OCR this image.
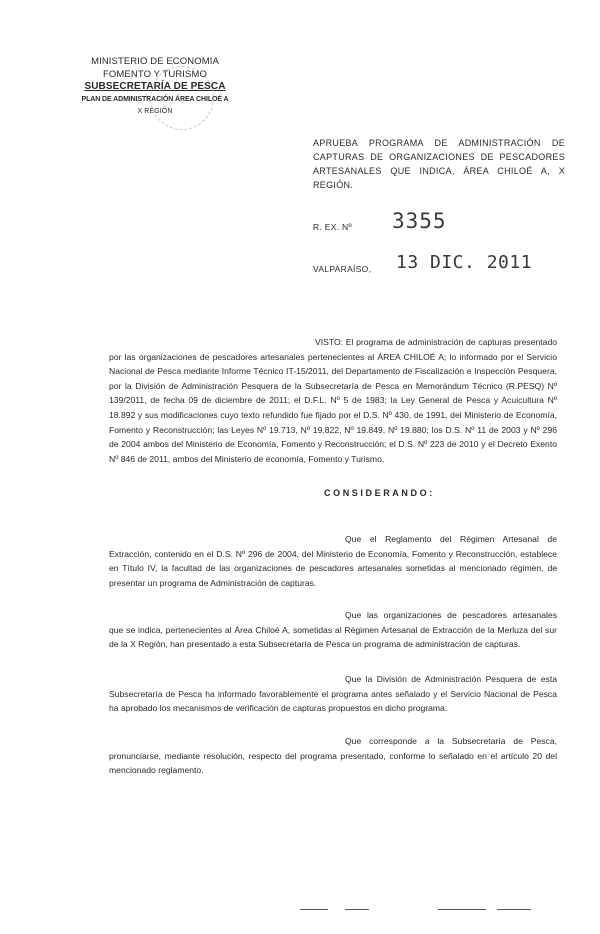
MINISTERIO DE ECONOMIA
FOMENTO Y TURISMO
SUBSECRETARÍA DE PESCA
PLAN DE ADMINISTRACIÓN ÁREA CHILOÉ A
X REGIÓN
APRUEBA PROGRAMA DE ADMINISTRACIÓN DE
CAPTURAS DE ORGANIZACIONES DE PESCADORES
ARTESANALES QUE INDICA, ÁREA CHILOÉ A, X REGIÓN.
R. EX. Nº 3355
VALPARAÍSO, 13 DIC. 2011
VISTO: El programa de administración de capturas presentado por las organizaciones de pescadores artesanales pertenecientes al ÁREA CHILOÉ A; lo informado por el Servicio Nacional de Pesca mediante Informe Técnico IT-15/2011, del Departamento de Fiscalización e Inspección Pesquera, por la División de Administración Pesquera de la Subsecretaría de Pesca en Memorándum Técnico (R.PESQ) Nº 139/2011, de fecha 09 de diciembre de 2011; el D.F.L. Nº 5 de 1983; la Ley General de Pesca y Acuicultura Nº 18.892 y sus modificaciones cuyo texto refundido fue fijado por el D.S. Nº 430, de 1991, del Ministerio de Economía, Fomento y Reconstrucción; las Leyes Nº 19.713, Nº 19.822, Nº 19.849, Nº 19.880; los D.S. Nº 11 de 2003 y Nº 296 de 2004 ambos del Ministerio de Economía, Fomento y Reconstrucción; el D.S. Nº 223 de 2010 y el Decreto Exento Nº 846 de 2011, ambos del Ministerio de economía, Fomento y Turismo.
CONSIDERANDO:
Que el Reglamento del Régimen Artesanal de Extracción, contenido en el D.S. Nº 296 de 2004, del Ministerio de Economía, Fomento y Reconstrucción, establece en Título IV, la facultad de las organizaciones de pescadores artesanales sometidas al mencionado régimen, de presentar un programa de Administración de capturas.
Que las organizaciones de pescadores artesanales que se indica, pertenecientes al Área Chiloé A, sometidas al Régimen Artesanal de Extracción de la Merluza del sur de la X Región, han presentado a esta Subsecretaría de Pesca un programa de administración de capturas.
Que la División de Administración Pesquera de esta Subsecretaría de Pesca ha informado favorablemente el programa antes señalado y el Servicio Nacional de Pesca ha aprobado los mecanismos de verificación de capturas propuestos en dicho programa.
Que corresponde a la Subsecretaría de Pesca, pronunciarse, mediante resolución, respecto del programa presentado, conforme lo señalado en el artículo 20 del mencionado reglamento.
